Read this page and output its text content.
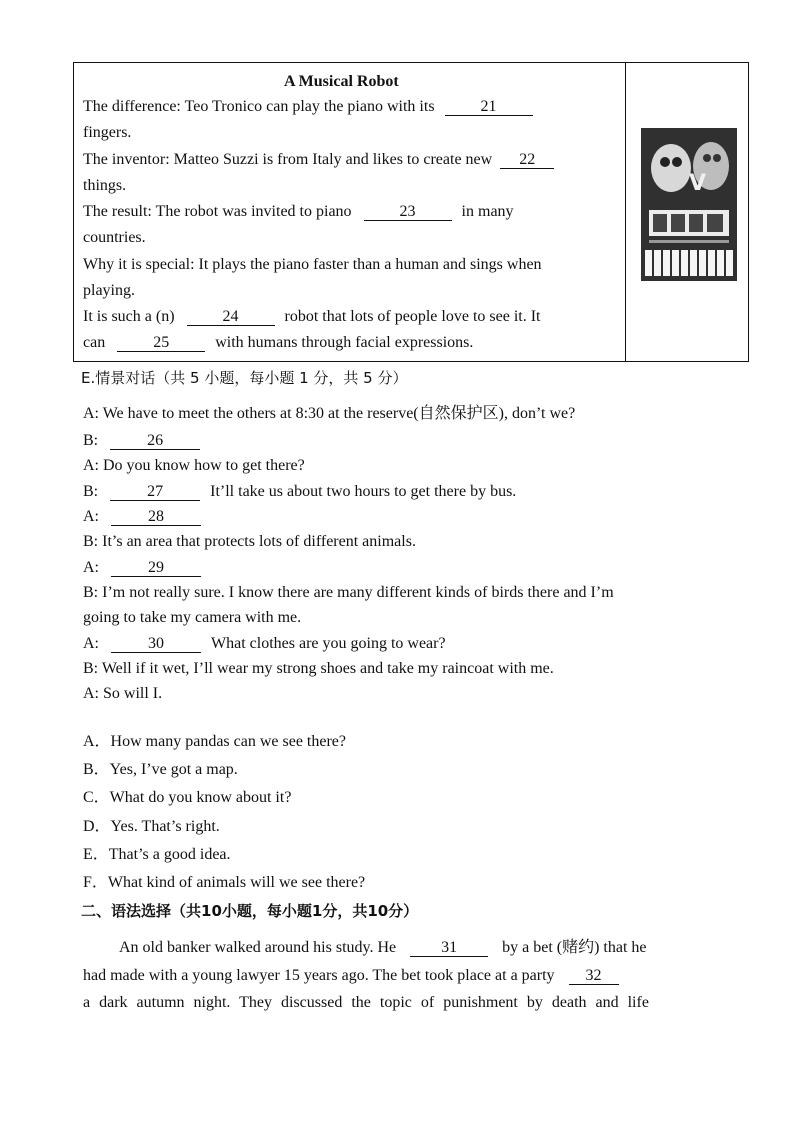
A Musical Robot
The difference: Teo Tronico can play the piano with its	21
fingers.
The inventor: Matteo Suzzi is from Italy and likes to create new 22
things.
The result: The robot was invited to piano	23	in many
countries.
Why it is special: It plays the piano faster than a human and sings when
playing.
It is such a (n)	24	robot that lots of people love to see it. It
can	25	with humans through facial expressions.
V
E.情景对话（共 5 小题，每小题 1 分，共 5 分）
A: We have to meet the others at 8:30 at the reserve(自然保护区), don’t we?
B:	26
A: Do you know how to get there?
B:	27	It’ll take us about two hours to get there by bus.
A:	28
B: It’s an area that protects lots of different animals.
A:	29
B: I’m not really sure. I know there are many different kinds of birds there and I’m
going to take my camera with me.
A:	30	What clothes are you going to wear?
B: Well if it wet, I’ll wear my strong shoes and take my raincoat with me.
A: So will I.
A．How many pandas can we see there?
B．Yes, I’ve got a map.
C．What do you know about it?
D．Yes. That’s right.
E．That’s a good idea.
F．What kind of animals will we see there?
二、语法选择（共10小题，每小题1分，共10分）
An old banker walked around his study. He	31	by a bet (赌约) that he
had made with a young lawyer 15 years ago. The bet took place at a party 32
a dark autumn night. They discussed the topic of punishment by death and life
